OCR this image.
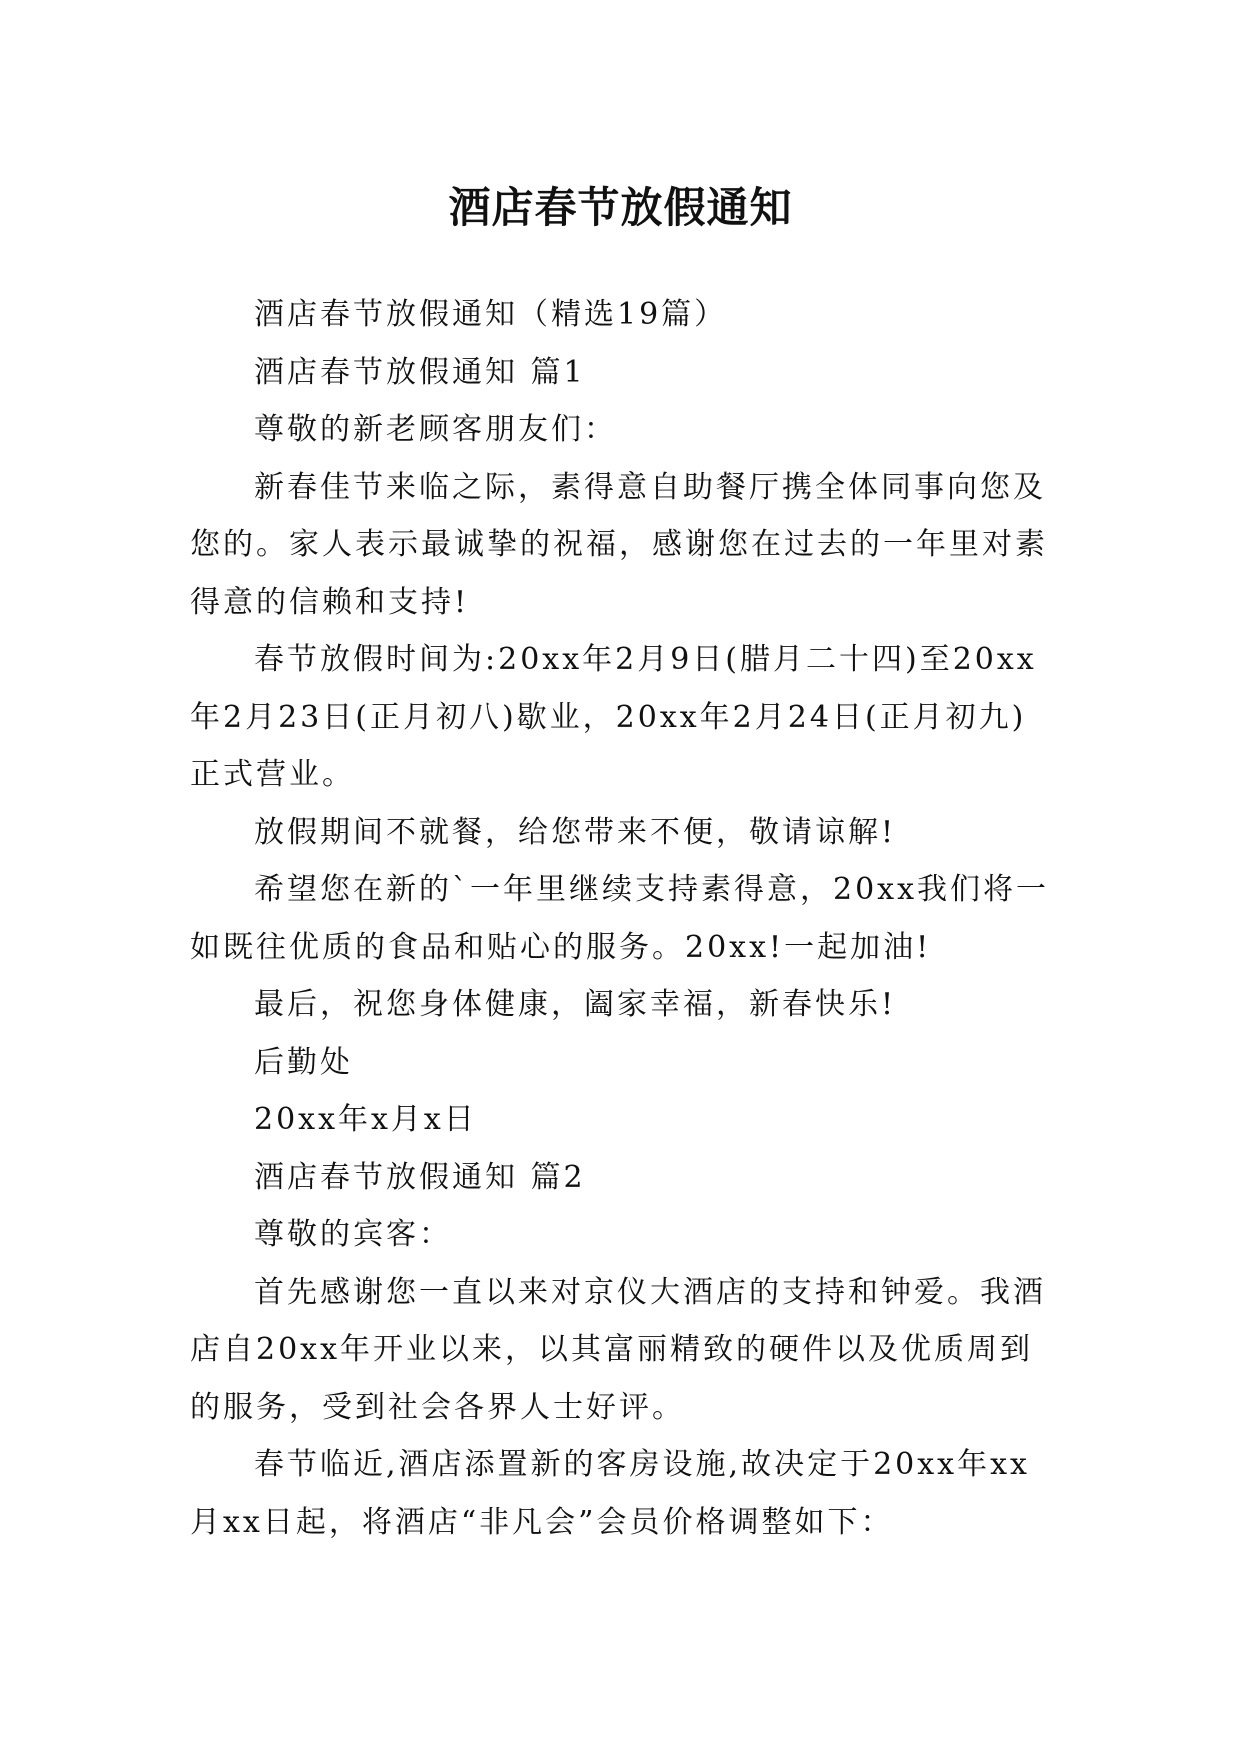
酒店春节放假通知

酒店春节放假通知（精选19篇）

酒店春节放假通知 篇1

尊敬的新老顾客朋友们：

新春佳节来临之际，素得意自助餐厅携全体同事向您及您的。家人表示最诚挚的祝福，感谢您在过去的一年里对素得意的信赖和支持!

春节放假时间为:20xx年2月9日(腊月二十四)至20xx年2月23日(正月初八)歇业，20xx年2月24日(正月初九)正式营业。

放假期间不就餐，给您带来不便，敬请谅解!

希望您在新的`一年里继续支持素得意，20xx我们将一如既往优质的食品和贴心的服务。20xx!一起加油!

最后，祝您身体健康，阖家幸福，新春快乐!

后勤处

20xx年x月x日

酒店春节放假通知 篇2

尊敬的宾客：

首先感谢您一直以来对京仪大酒店的支持和钟爱。我酒店自20xx年开业以来，以其富丽精致的硬件以及优质周到的服务，受到社会各界人士好评。

春节临近,酒店添置新的客房设施,故决定于20xx年xx月xx日起，将酒店“非凡会”会员价格调整如下：
